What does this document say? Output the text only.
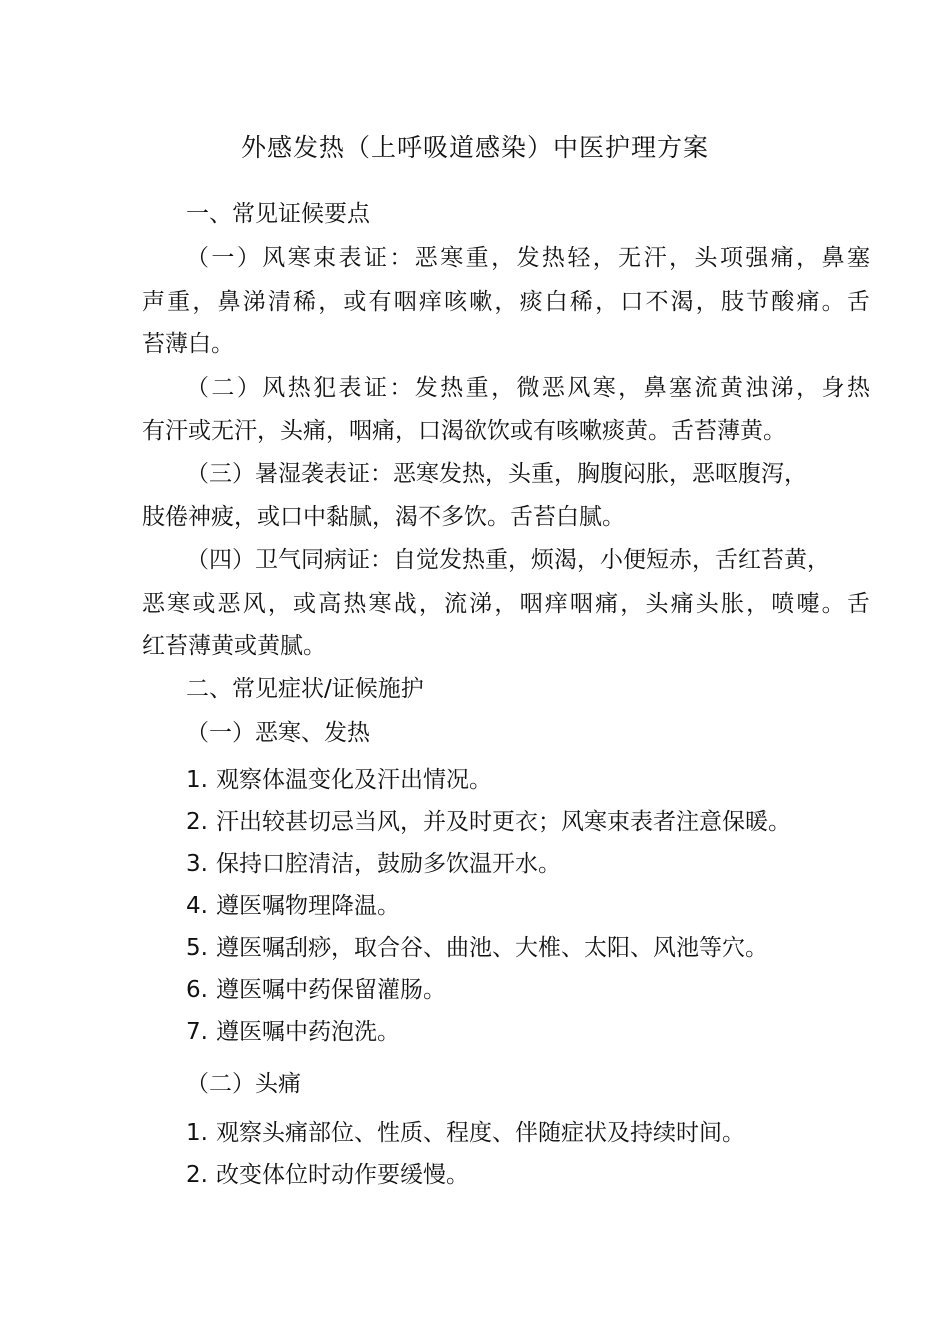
外感发热（上呼吸道感染）中医护理方案
一、常见证候要点
（ 一 ） 风 寒 束 表 证 ： 恶 寒 重 ， 发 热 轻 ， 无 汗 ， 头 项 强 痛 ， 鼻 塞
声 重 ， 鼻 涕 清 稀 ， 或 有 咽 痒 咳 嗽 ， 痰 白 稀 ， 口 不 渴 ， 肢 节 酸 痛 。 舌
苔薄白。
（ 二 ） 风 热 犯 表 证 ： 发 热 重 ， 微 恶 风 寒 ， 鼻 塞 流 黄 浊 涕 ， 身 热
有汗或无汗，头痛，咽痛，口渴欲饮或有咳嗽痰黄。舌苔薄黄。
（三）暑湿袭表证：恶寒发热，头重，胸腹闷胀，恶呕腹泻，
肢倦神疲，或口中黏腻，渴不多饮。舌苔白腻。
（四）卫气同病证：自觉发热重，烦渴，小便短赤，舌红苔黄，
恶 寒 或 恶 风 ， 或 高 热 寒 战 ， 流 涕 ， 咽 痒 咽 痛 ， 头 痛 头 胀 ， 喷 嚏 。 舌
红苔薄黄或黄腻。
二、常见症状/证候施护
（一）恶寒、发热
1. 观察体温变化及汗出情况。
2. 汗出较甚切忌当风，并及时更衣；风寒束表者注意保暖。
3. 保持口腔清洁，鼓励多饮温开水。
4. 遵医嘱物理降温。
5. 遵医嘱刮痧，取合谷、曲池、大椎、太阳、风池等穴。
6. 遵医嘱中药保留灌肠。
7. 遵医嘱中药泡洗。
（二）头痛
1. 观察头痛部位、性质、程度、伴随症状及持续时间。
2. 改变体位时动作要缓慢。
